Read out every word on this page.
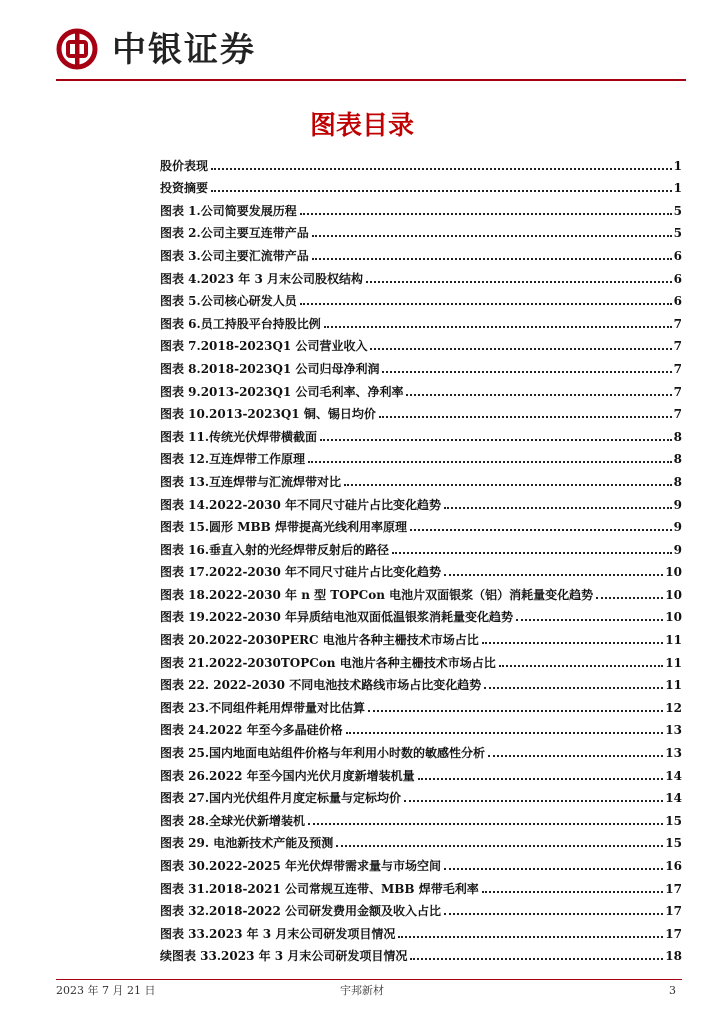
中银证券
图表目录
股价表现	1
投资摘要	1
图表 1.公司简要发展历程	5
图表 2.公司主要互连带产品	5
图表 3.公司主要汇流带产品	6
图表 4.2023 年 3 月末公司股权结构	6
图表 5.公司核心研发人员	6
图表 6.员工持股平台持股比例	7
图表 7.2018-2023Q1 公司营业收入	7
图表 8.2018-2023Q1 公司归母净利润	7
图表 9.2013-2023Q1 公司毛利率、净利率	7
图表 10.2013-2023Q1 铜、锡日均价	7
图表 11.传统光伏焊带横截面	8
图表 12.互连焊带工作原理	8
图表 13.互连焊带与汇流焊带对比	8
图表 14.2022-2030 年不同尺寸硅片占比变化趋势	9
图表 15.圆形 MBB 焊带提高光线利用率原理	9
图表 16.垂直入射的光经焊带反射后的路径	9
图表 17.2022-2030 年不同尺寸硅片占比变化趋势	10
图表 18.2022-2030 年 n 型 TOPCon 电池片双面银浆（铝）消耗量变化趋势	10
图表 19.2022-2030 年异质结电池双面低温银浆消耗量变化趋势	10
图表 20.2022-2030PERC 电池片各种主栅技术市场占比	11
图表 21.2022-2030TOPCon 电池片各种主栅技术市场占比	11
图表 22. 2022-2030 不同电池技术路线市场占比变化趋势	11
图表 23.不同组件耗用焊带量对比估算	12
图表 24.2022 年至今多晶硅价格	13
图表 25.国内地面电站组件价格与年利用小时数的敏感性分析	13
图表 26.2022 年至今国内光伏月度新增装机量	14
图表 27.国内光伏组件月度定标量与定标均价	14
图表 28.全球光伏新增装机	15
图表 29. 电池新技术产能及预测	15
图表 30.2022-2025 年光伏焊带需求量与市场空间	16
图表 31.2018-2021 公司常规互连带、MBB 焊带毛利率	17
图表 32.2018-2022 公司研发费用金额及收入占比	17
图表 33.2023 年 3 月末公司研发项目情况	17
续图表 33.2023 年 3 月末公司研发项目情况	18
2023 年 7 月 21 日	宇邦新材	3
